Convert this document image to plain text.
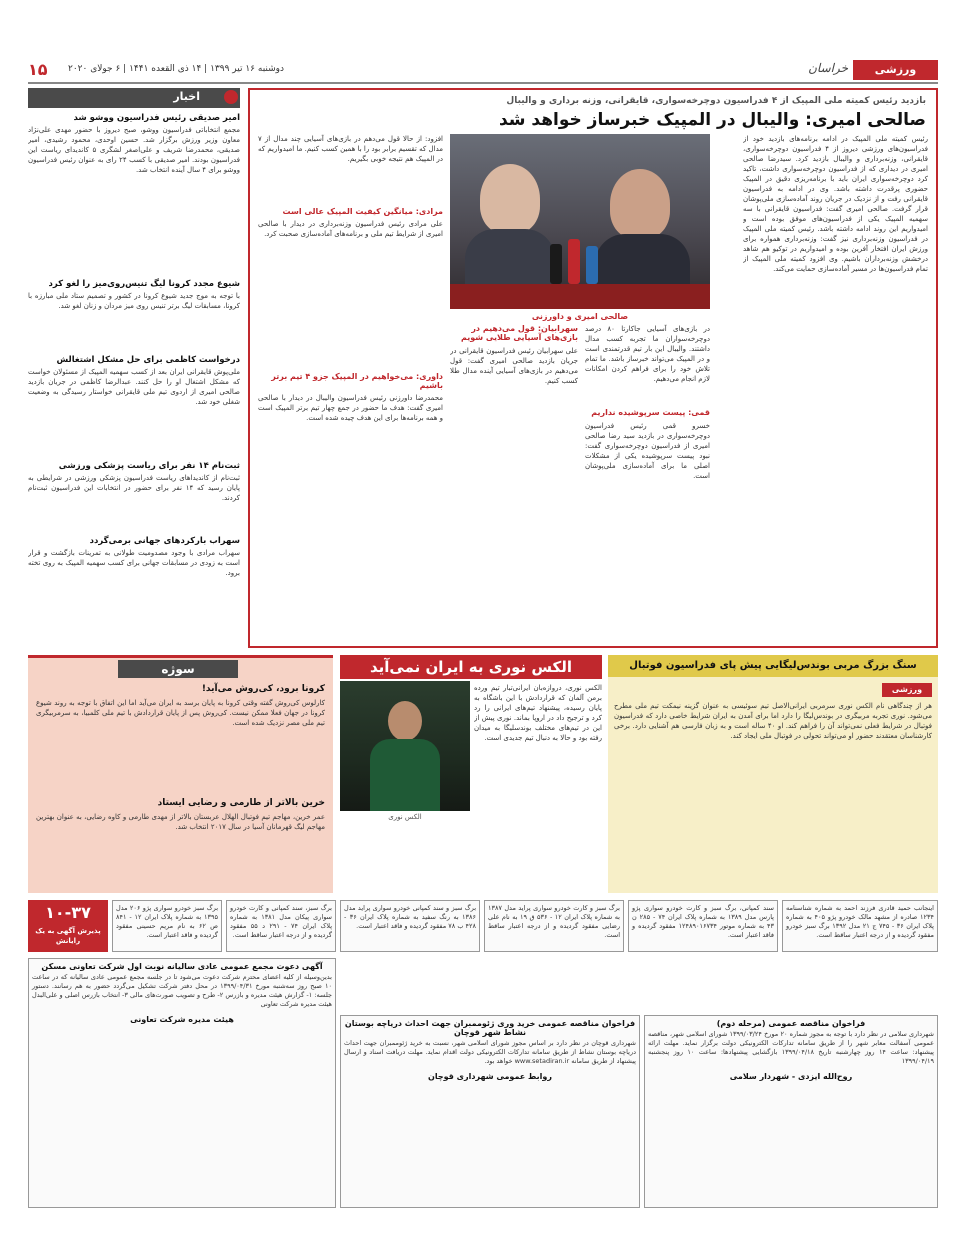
۱۵ دوشنبه ۱۶ تیر ۱۳۹۹ | ۱۴ ذی القعده ۱۴۴۱ | ۶ جولای ۲۰۲۰	ورزشی
خراسان
اخبار
امیر صدیقی رئیس فدراسیون ووشو شد
مجمع انتخاباتی فدراسیون ووشو، صبح دیروز با حضور مهدی علی‌نژاد معاون وزیر ورزش برگزار شد. حسین اوحدی، محمود رشیدی، امیر صدیقی، محمدرضا شریف و علی‌اصغر لشگری ۵ کاندیدای ریاست این فدراسیون بودند. امیر صدیقی با کسب ۲۴ رای به عنوان رئیس فدراسیون ووشو برای ۴ سال آینده انتخاب شد.
شیوع مجدد کرونا لیگ تنیس‌روی‌میز را لغو کرد
با توجه به موج جدید شیوع کرونا در کشور و تصمیم ستاد ملی مبارزه با کرونا، مسابقات لیگ برتر تنیس روی میز مردان و زنان لغو شد.
درخواست کاظمی برای حل مشکل اشتغالش
ملی‌پوش قایقرانی ایران بعد از کسب سهمیه المپیک از مسئولان خواست که مشکل اشتغال او را حل کنند. عبدالرضا کاظمی در جریان بازدید صالحی امیری از اردوی تیم ملی قایقرانی خواستار رسیدگی به وضعیت شغلی خود شد.
ثبت‌نام ۱۴ نفر برای ریاست پزشکی ورزشی
ثبت‌نام از کاندیداهای ریاست فدراسیون پزشکی ورزشی در شرایطی به پایان رسید که ۱۴ نفر برای حضور در انتخابات این فدراسیون ثبت‌نام کردند.
سهراب بارکردهای جهانی برمی‌گردد
سهراب مرادی با وجود مصدومیت طولانی به تمرینات بازگشت و قرار است به زودی در مسابقات جهانی برای کسب سهمیه المپیک به روی تخته برود.
بازدید رئیس کمیته ملی المپیک از ۴ فدراسیون دوچرخه‌سواری، قایقرانی، وزنه برداری و والیبال
صالحی امیری: والیبال در المپیک خبرساز خواهد شد
صالحی امیری و داورزنی
رئیس کمیته ملی المپیک در ادامه برنامه‌های بازدید خود از فدراسیون‌های ورزشی دیروز از ۴ فدراسیون دوچرخه‌سواری، قایقرانی، وزنه‌برداری و والیبال بازدید کرد. سیدرضا صالحی امیری در دیداری که از فدراسیون دوچرخه‌سواری داشت، تاکید کرد دوچرخه‌سواری ایران باید با برنامه‌ریزی دقیق در المپیک حضوری پرقدرت داشته باشد. وی در ادامه به فدراسیون قایقرانی رفت و از نزدیک در جریان روند آماده‌سازی ملی‌پوشان قرار گرفت. صالحی امیری گفت: فدراسیون قایقرانی با سه سهمیه المپیک یکی از فدراسیون‌های موفق بوده است و امیدواریم این روند ادامه داشته باشد. رئیس کمیته ملی المپیک در فدراسیون وزنه‌برداری نیز گفت: وزنه‌برداری همواره برای ورزش ایران افتخار آفرین بوده و امیدواریم در توکیو هم شاهد درخشش وزنه‌برداران باشیم. وی افزود کمیته ملی المپیک از تمام فدراسیون‌ها در مسیر آماده‌سازی حمایت می‌کند.
در بازی‌های آسیایی جاکارتا ۸۰ درصد دوچرخه‌سواران ما تجربه کسب مدال داشتند. والیبال این بار تیم قدرتمندی است و در المپیک می‌تواند خبرساز باشد. ما تمام تلاش خود را برای فراهم کردن امکانات لازم انجام می‌دهیم.
قمی: پیست سرپوشیده نداریم
خسرو قمی رئیس فدراسیون دوچرخه‌سواری در بازدید سید رضا صالحی امیری از فدراسیون دوچرخه‌سواری گفت: نبود پیست سرپوشیده یکی از مشکلات اصلی ما برای آماده‌سازی ملی‌پوشان است.
سهرابیان: قول می‌دهیم در بازی‌های آسیایی طلایی شویم
علی سهرابیان رئیس فدراسیون قایقرانی در جریان بازدید صالحی امیری گفت: قول می‌دهیم در بازی‌های آسیایی آینده مدال طلا کسب کنیم.
افزود: از حالا قول می‌دهم در بازی‌های آسیایی چند مدال از ۷ مدال که تقسیم برابر بود را با همین کسب کنیم. ما امیدواریم که در المپیک هم نتیجه خوبی بگیریم.
مرادی: میانگین کیفیت المپیک عالی است
علی مرادی رئیس فدراسیون وزنه‌برداری در دیدار با صالحی امیری از شرایط تیم ملی و برنامه‌های آماده‌سازی صحبت کرد.
داوری: می‌خواهیم در المپیک جزو ۴ تیم برتر باشیم
محمدرضا داورزنی رئیس فدراسیون والیبال در دیدار با صالحی امیری گفت: هدف ما حضور در جمع چهار تیم برتر المپیک است و همه برنامه‌ها برای این هدف چیده شده است.
سوژه
کرونا برود، کی‌روش می‌آید!
کارلوس کی‌روش گفته وقتی کرونا به پایان برسد به ایران می‌آید اما این اتفاق با توجه به روند شیوع کرونا در جهان فعلا ممکن نیست. کی‌روش پس از پایان قراردادش با تیم ملی کلمبیا، به سرمربیگری تیم ملی مصر نزدیک شده است.
خرین بالاتر از طارمی و رضایی ایستاد
عمر خرین، مهاجم تیم فوتبال الهلال عربستان بالاتر از مهدی طارمی و کاوه رضایی، به عنوان بهترین مهاجم لیگ قهرمانان آسیا در سال ۲۰۱۷ انتخاب شد.
الکس نوری به ایران نمی‌آید
الکس نوری
الکس نوری، دروازه‌بان ایرانی‌تبار تیم ورده برمن آلمان که قراردادش با این باشگاه به پایان رسیده، پیشنهاد تیم‌های ایرانی را رد کرد و ترجیح داد در اروپا بماند. نوری پیش از این در تیم‌های مختلف بوندسلیگا به میدان رفته بود و حالا به دنبال تیم جدیدی است.
سنگ بزرگ مربی بوندس‌لیگایی پیش پای فدراسیون فوتبال
ورزشی
هر از چندگاهی نام الکس نوری سرمربی ایرانی‌الاصل تیم سوئیسی به عنوان گزینه نیمکت تیم ملی مطرح می‌شود. نوری تجربه مربیگری در بوندس‌لیگا را دارد اما برای آمدن به ایران شرایط خاصی دارد که فدراسیون فوتبال در شرایط فعلی نمی‌تواند آن را فراهم کند. او ۴۰ ساله است و به زبان فارسی هم آشنایی دارد. برخی کارشناسان معتقدند حضور او می‌تواند تحولی در فوتبال ملی ایجاد کند.
۱۰-۳۷
پذیرش آگهی به یک رایانش
برگ سبز خودرو سواری پژو ۲۰۶ مدل ۱۳۹۵ به شماره پلاک ایران ۱۲ - ۸۴۱ ص ۶۲ به نام مریم حسینی مفقود گردیده و فاقد اعتبار است.
برگ سبز، سند کمپانی و کارت خودرو سواری پیکان مدل ۱۳۸۱ به شماره پلاک ایران ۷۴ - ۲۹۱ د ۵۵ مفقود گردیده و از درجه اعتبار ساقط است.
برگ سبز و سند کمپانی خودرو سواری پراید مدل ۱۳۸۶ به رنگ سفید به شماره پلاک ایران ۳۶ - ۴۲۸ ب ۷۸ مفقود گردیده و فاقد اعتبار است.
برگ سبز و کارت خودرو سواری پراید مدل ۱۳۸۷ به شماره پلاک ایران ۱۲ - ۵۳۶ ق ۱۹ به نام علی رضایی مفقود گردیده و از درجه اعتبار ساقط است.
سند کمپانی، برگ سبز و کارت خودرو سواری پژو پارس مدل ۱۳۸۹ به شماره پلاک ایران ۷۴ - ۲۸۵ ن ۴۳ به شماره موتور ۱۲۴۸۹۰۱۶۷۳۴ مفقود گردیده و فاقد اعتبار است.
اینجانب حمید قادری فرزند احمد به شماره شناسنامه ۱۲۳۴ صادره از مشهد مالک خودرو پژو ۴۰۵ به شماره پلاک ایران ۳۶ - ۷۴۵ ج ۲۱ مدل ۱۳۹۲ برگ سبز خودرو مفقود گردیده و از درجه اعتبار ساقط است.
آگهی دعوت مجمع عمومی عادی سالیانه نوبت اول شرکت تعاونی مسکن
بدین‌وسیله از کلیه اعضای محترم شرکت دعوت می‌شود تا در جلسه مجمع عمومی عادی سالیانه که در ساعت ۱۰ صبح روز سه‌شنبه مورخ ۱۳۹۹/۰۴/۳۱ در محل دفتر شرکت تشکیل می‌گردد حضور به هم رسانند. دستور جلسه: ۱- گزارش هیئت مدیره و بازرس ۲- طرح و تصویب صورت‌های مالی ۳- انتخاب بازرس اصلی و علی‌البدل هیئت مدیره شرکت تعاونی
هیئت مدیره شرکت تعاونی	فراخوان مناقصه عمومی خرید وری ژئوممبران جهت احداث دریاچه بوستان نشاط شهر قوچان
شهرداری قوچان در نظر دارد بر اساس مجوز شورای اسلامی شهر، نسبت به خرید ژئوممبران جهت احداث دریاچه بوستان نشاط از طریق سامانه تدارکات الکترونیکی دولت اقدام نماید. مهلت دریافت اسناد و ارسال پیشنهاد از طریق سامانه www.setadiran.ir خواهد بود.
روابط عمومی شهرداری قوچان
فراخوان مناقصه عمومی (مرحله دوم)
شهرداری سلامی در نظر دارد با توجه به مجوز شماره ۲۰ مورخ ۱۳۹۹/۰۳/۲۴ شورای اسلامی شهر، مناقصه عمومی آسفالت معابر شهر را از طریق سامانه تدارکات الکترونیکی دولت برگزار نماید. مهلت ارائه پیشنهاد: ساعت ۱۴ روز چهارشنبه تاریخ ۱۳۹۹/۰۴/۱۸ بازگشایی پیشنهادها: ساعت ۱۰ روز پنجشنبه ۱۳۹۹/۰۴/۱۹
روح‌الله ایزدی - شهردار سلامی
